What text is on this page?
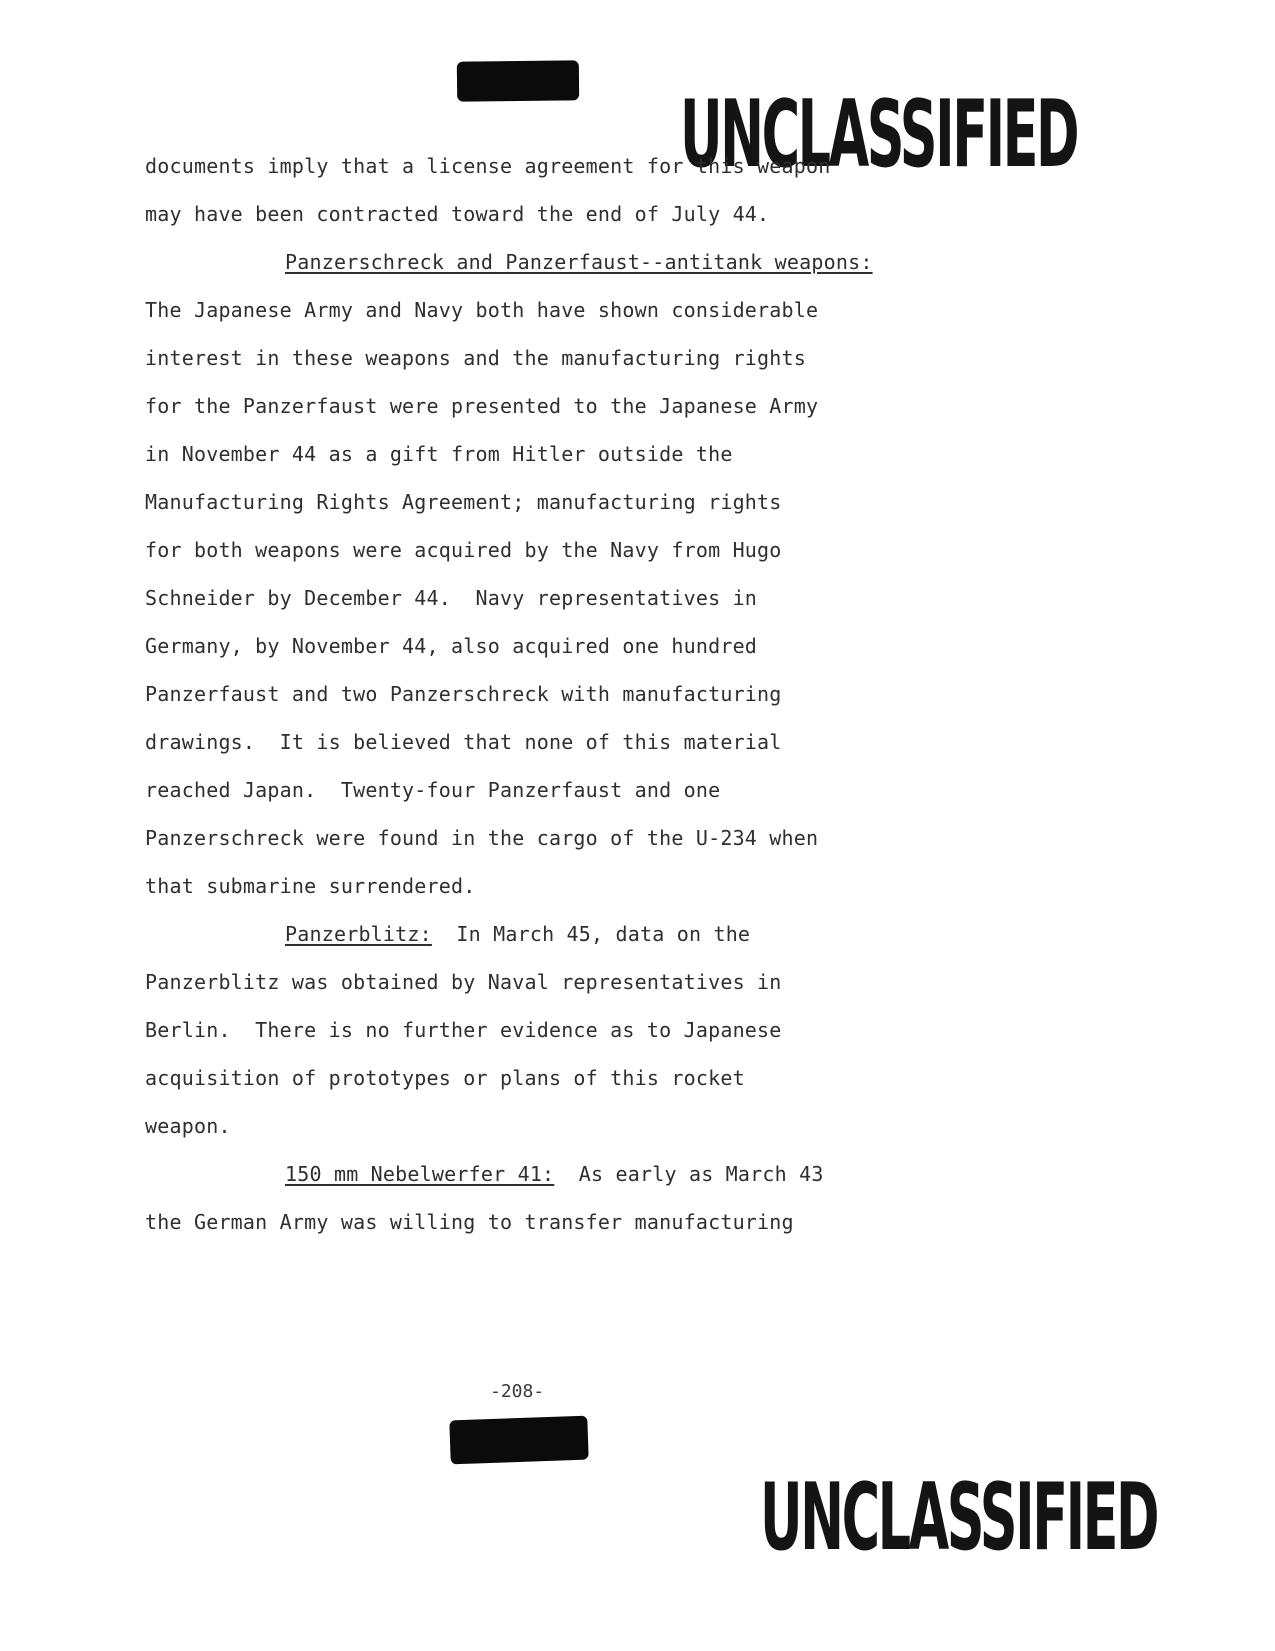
UNCLASSIFIED
documents imply that a license agreement for this weapon
may have been contracted toward the end of July 44.
Panzerschreck and Panzerfaust--antitank weapons:
The Japanese Army and Navy both have shown considerable
interest in these weapons and the manufacturing rights
for the Panzerfaust were presented to the Japanese Army
in November 44 as a gift from Hitler outside the
Manufacturing Rights Agreement; manufacturing rights
for both weapons were acquired by the Navy from Hugo
Schneider by December 44.  Navy representatives in
Germany, by November 44, also acquired one hundred
Panzerfaust and two Panzerschreck with manufacturing
drawings.  It is believed that none of this material
reached Japan.  Twenty-four Panzerfaust and one
Panzerschreck were found in the cargo of the U-234 when
that submarine surrendered.
Panzerblitz:  In March 45, data on the
Panzerblitz was obtained by Naval representatives in
Berlin.  There is no further evidence as to Japanese
acquisition of prototypes or plans of this rocket
weapon.
150 mm Nebelwerfer 41:  As early as March 43
the German Army was willing to transfer manufacturing
-208-
UNCLASSIFIED
